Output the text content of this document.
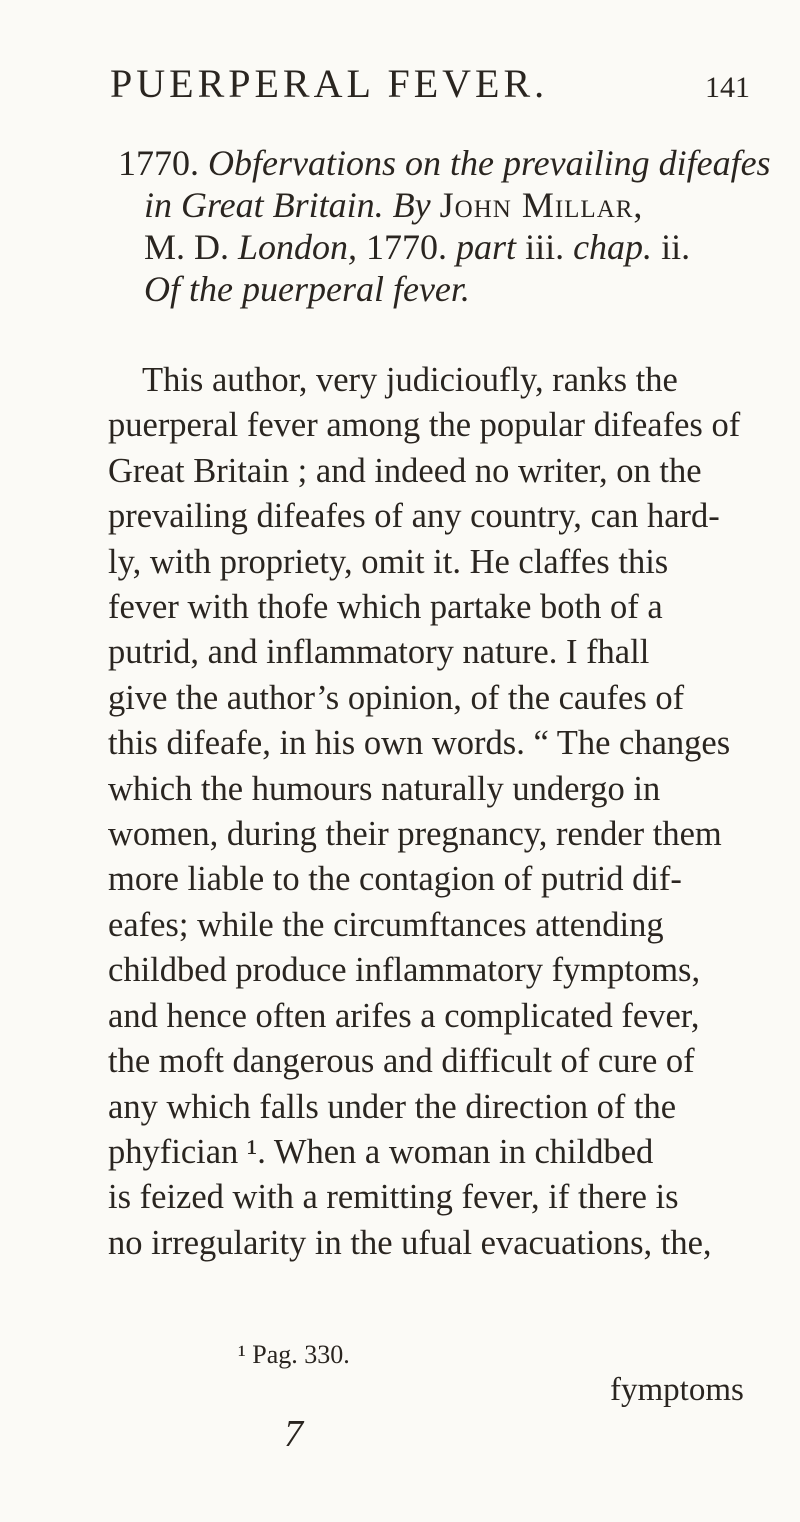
PUERPERAL FEVER.	141
1770. Obfervations on the prevailing difeafes
in Great Britain. By John Millar,
M. D. London, 1770. part iii. chap. ii.
Of the puerperal fever.
This author, very judicioufly, ranks the
puerperal fever among the popular difeafes of
Great Britain ; and indeed no writer, on the
prevailing difeafes of any country, can hard-
ly, with propriety, omit it. He claffes this
fever with thofe which partake both of a
putrid, and inflammatory nature. I fhall
give the author’s opinion, of the caufes of
this difeafe, in his own words. “ The changes
which the humours naturally undergo in
women, during their pregnancy, render them
more liable to the contagion of putrid dif-
eafes; while the circumftances attending
childbed produce inflammatory fymptoms,
and hence often arifes a complicated fever,
the moft dangerous and difficult of cure of
any which falls under the direction of the
phyfician ¹. When a woman in childbed
is feized with a remitting fever, if there is
no irregularity in the ufual evacuations, the,
¹ Pag. 330.
fymptoms
7
